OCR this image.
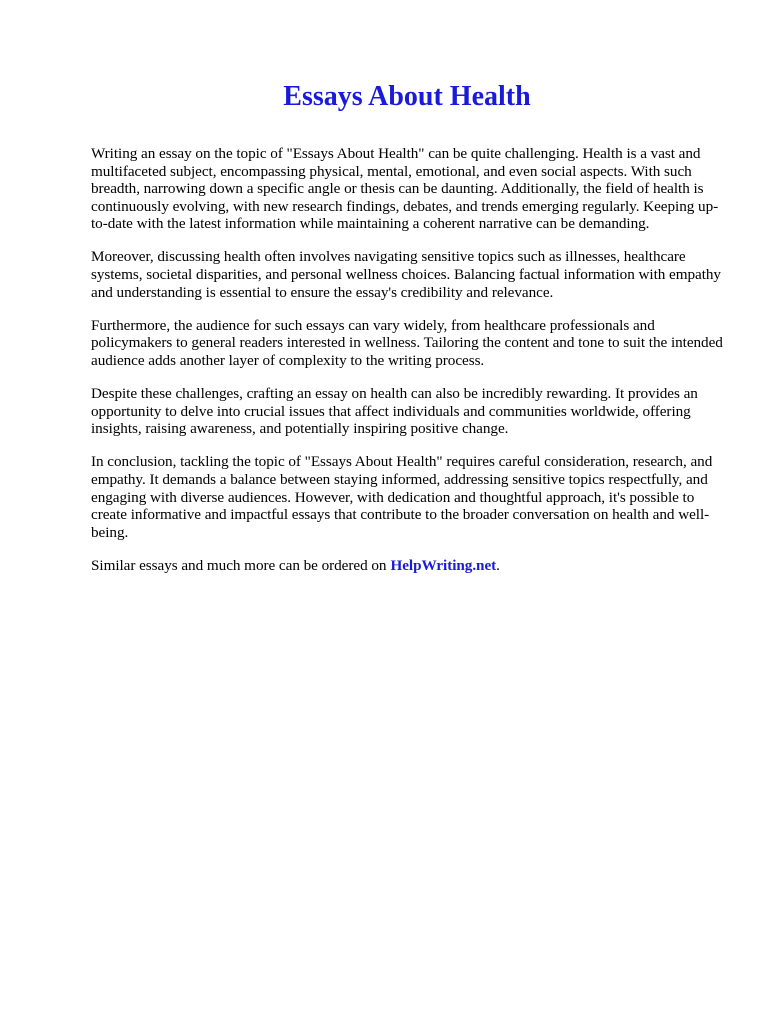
Essays About Health

Writing an essay on the topic of "Essays About Health" can be quite challenging. Health is a vast and multifaceted subject, encompassing physical, mental, emotional, and even social aspects. With such breadth, narrowing down a specific angle or thesis can be daunting. Additionally, the field of health is continuously evolving, with new research findings, debates, and trends emerging regularly. Keeping up-to-date with the latest information while maintaining a coherent narrative can be demanding.

Moreover, discussing health often involves navigating sensitive topics such as illnesses, healthcare systems, societal disparities, and personal wellness choices. Balancing factual information with empathy and understanding is essential to ensure the essay's credibility and relevance.

Furthermore, the audience for such essays can vary widely, from healthcare professionals and policymakers to general readers interested in wellness. Tailoring the content and tone to suit the intended audience adds another layer of complexity to the writing process.

Despite these challenges, crafting an essay on health can also be incredibly rewarding. It provides an opportunity to delve into crucial issues that affect individuals and communities worldwide, offering insights, raising awareness, and potentially inspiring positive change.

In conclusion, tackling the topic of "Essays About Health" requires careful consideration, research, and empathy. It demands a balance between staying informed, addressing sensitive topics respectfully, and engaging with diverse audiences. However, with dedication and thoughtful approach, it's possible to create informative and impactful essays that contribute to the broader conversation on health and well-being.

Similar essays and much more can be ordered on HelpWriting.net.
